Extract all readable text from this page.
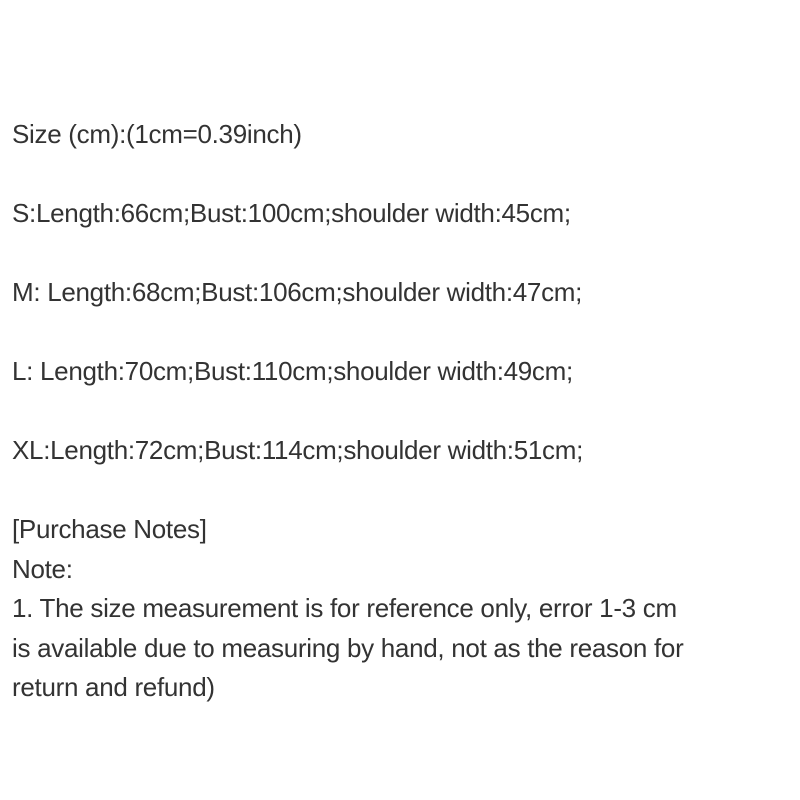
Size (cm):(1cm=0.39inch)

S:Length:66cm;Bust:100cm;shoulder width:45cm;

M: Length:68cm;Bust:106cm;shoulder width:47cm;

L: Length:70cm;Bust:110cm;shoulder width:49cm;

XL:Length:72cm;Bust:114cm;shoulder width:51cm;

[Purchase Notes]

Note:

1. The size measurement is for reference only, error 1-3 cm

is available due to measuring by hand, not as the reason for

return and refund)
